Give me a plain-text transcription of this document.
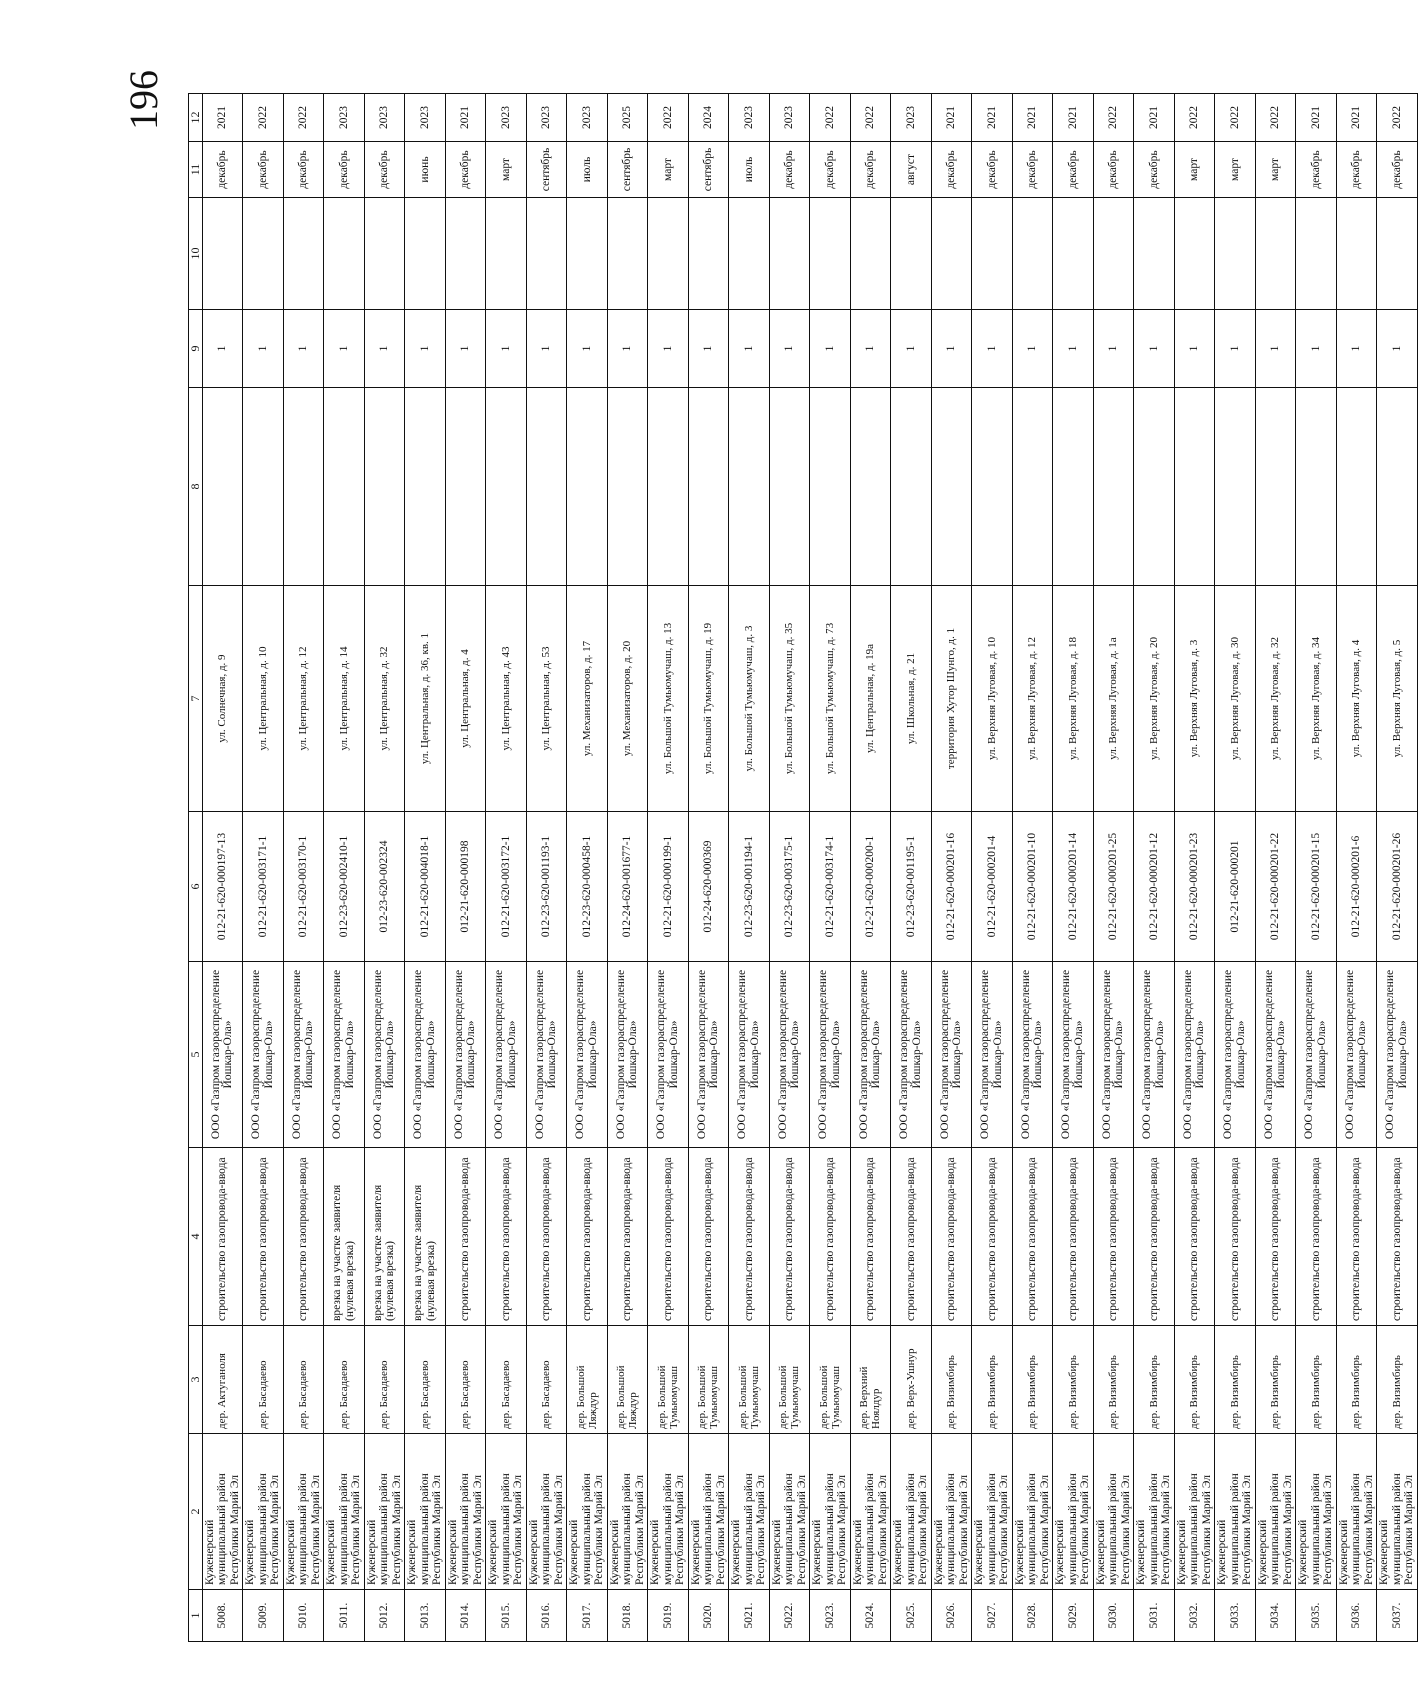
196
1	2	3	4	5	6	7	8	9	10	11	12
5008.	Куженерский муниципальный район Республики Марий Эл	дер. Актуганоля	строительство газопровода-ввода	ООО «Газпром газораспределение Йошкар-Ола»	012-21-620-000197-13	ул. Солнечная, д. 9		1		декабрь	2021
5009.	Куженерский муниципальный район Республики Марий Эл	дер. Басадаево	строительство газопровода-ввода	ООО «Газпром газораспределение Йошкар-Ола»	012-21-620-003171-1	ул. Центральная, д. 10		1		декабрь	2022
5010.	Куженерский муниципальный район Республики Марий Эл	дер. Басадаево	строительство газопровода-ввода	ООО «Газпром газораспределение Йошкар-Ола»	012-21-620-003170-1	ул. Центральная, д. 12		1		декабрь	2022
5011.	Куженерский муниципальный район Республики Марий Эл	дер. Басадаево	врезка на участке заявителя (нулевая врезка)	ООО «Газпром газораспределение Йошкар-Ола»	012-23-620-002410-1	ул. Центральная, д. 14		1		декабрь	2023
5012.	Куженерский муниципальный район Республики Марий Эл	дер. Басадаево	врезка на участке заявителя (нулевая врезка)	ООО «Газпром газораспределение Йошкар-Ола»	012-23-620-002324	ул. Центральная, д. 32		1		декабрь	2023
5013.	Куженерский муниципальный район Республики Марий Эл	дер. Басадаево	врезка на участке заявителя (нулевая врезка)	ООО «Газпром газораспределение Йошкар-Ола»	012-21-620-004018-1	ул. Центральная, д. 36, кв. 1		1		июнь	2023
5014.	Куженерский муниципальный район Республики Марий Эл	дер. Басадаево	строительство газопровода-ввода	ООО «Газпром газораспределение Йошкар-Ола»	012-21-620-000198	ул. Центральная, д. 4		1		декабрь	2021
5015.	Куженерский муниципальный район Республики Марий Эл	дер. Басадаево	строительство газопровода-ввода	ООО «Газпром газораспределение Йошкар-Ола»	012-21-620-003172-1	ул. Центральная, д. 43		1		март	2023
5016.	Куженерский муниципальный район Республики Марий Эл	дер. Басадаево	строительство газопровода-ввода	ООО «Газпром газораспределение Йошкар-Ола»	012-23-620-001193-1	ул. Центральная, д. 53		1		сентябрь	2023
5017.	Куженерский муниципальный район Республики Марий Эл	дер. Большой Ляждур	строительство газопровода-ввода	ООО «Газпром газораспределение Йошкар-Ола»	012-23-620-000458-1	ул. Механизаторов, д. 17		1		июль	2023
5018.	Куженерский муниципальный район Республики Марий Эл	дер. Большой Ляждур	строительство газопровода-ввода	ООО «Газпром газораспределение Йошкар-Ола»	012-24-620-001677-1	ул. Механизаторов, д. 20		1		сентябрь	2025
5019.	Куженерский муниципальный район Республики Марий Эл	дер. Большой Тумьюмучаш	строительство газопровода-ввода	ООО «Газпром газораспределение Йошкар-Ола»	012-21-620-000199-1	ул. Большой Тумьюмучаш, д. 13		1		март	2022
5020.	Куженерский муниципальный район Республики Марий Эл	дер. Большой Тумьюмучаш	строительство газопровода-ввода	ООО «Газпром газораспределение Йошкар-Ола»	012-24-620-000369	ул. Большой Тумьюмучаш, д. 19		1		сентябрь	2024
5021.	Куженерский муниципальный район Республики Марий Эл	дер. Большой Тумьюмучаш	строительство газопровода-ввода	ООО «Газпром газораспределение Йошкар-Ола»	012-23-620-001194-1	ул. Большой Тумьюмучаш, д. 3		1		июль	2023
5022.	Куженерский муниципальный район Республики Марий Эл	дер. Большой Тумьюмучаш	строительство газопровода-ввода	ООО «Газпром газораспределение Йошкар-Ола»	012-23-620-003175-1	ул. Большой Тумьюмучаш, д. 35		1		декабрь	2023
5023.	Куженерский муниципальный район Республики Марий Эл	дер. Большой Тумьюмучаш	строительство газопровода-ввода	ООО «Газпром газораспределение Йошкар-Ола»	012-21-620-003174-1	ул. Большой Тумьюмучаш, д. 73		1		декабрь	2022
5024.	Куженерский муниципальный район Республики Марий Эл	дер. Верхний Ноялдур	строительство газопровода-ввода	ООО «Газпром газораспределение Йошкар-Ола»	012-21-620-000200-1	ул. Центральная, д. 19а		1		декабрь	2022
5025.	Куженерский муниципальный район Республики Марий Эл	дер. Верх-Ушнур	строительство газопровода-ввода	ООО «Газпром газораспределение Йошкар-Ола»	012-23-620-001195-1	ул. Школьная, д. 21		1		август	2023
5026.	Куженерский муниципальный район Республики Марий Эл	дер. Визимбирь	строительство газопровода-ввода	ООО «Газпром газораспределение Йошкар-Ола»	012-21-620-000201-16	территория Хутор Шунго, д. 1		1		декабрь	2021
5027.	Куженерский муниципальный район Республики Марий Эл	дер. Визимбирь	строительство газопровода-ввода	ООО «Газпром газораспределение Йошкар-Ола»	012-21-620-000201-4	ул. Верхняя Луговая, д. 10		1		декабрь	2021
5028.	Куженерский муниципальный район Республики Марий Эл	дер. Визимбирь	строительство газопровода-ввода	ООО «Газпром газораспределение Йошкар-Ола»	012-21-620-000201-10	ул. Верхняя Луговая, д. 12		1		декабрь	2021
5029.	Куженерский муниципальный район Республики Марий Эл	дер. Визимбирь	строительство газопровода-ввода	ООО «Газпром газораспределение Йошкар-Ола»	012-21-620-000201-14	ул. Верхняя Луговая, д. 18		1		декабрь	2021
5030.	Куженерский муниципальный район Республики Марий Эл	дер. Визимбирь	строительство газопровода-ввода	ООО «Газпром газораспределение Йошкар-Ола»	012-21-620-000201-25	ул. Верхняя Луговая, д. 1а		1		декабрь	2022
5031.	Куженерский муниципальный район Республики Марий Эл	дер. Визимбирь	строительство газопровода-ввода	ООО «Газпром газораспределение Йошкар-Ола»	012-21-620-000201-12	ул. Верхняя Луговая, д. 20		1		декабрь	2021
5032.	Куженерский муниципальный район Республики Марий Эл	дер. Визимбирь	строительство газопровода-ввода	ООО «Газпром газораспределение Йошкар-Ола»	012-21-620-000201-23	ул. Верхняя Луговая, д. 3		1		март	2022
5033.	Куженерский муниципальный район Республики Марий Эл	дер. Визимбирь	строительство газопровода-ввода	ООО «Газпром газораспределение Йошкар-Ола»	012-21-620-000201	ул. Верхняя Луговая, д. 30		1		март	2022
5034.	Куженерский муниципальный район Республики Марий Эл	дер. Визимбирь	строительство газопровода-ввода	ООО «Газпром газораспределение Йошкар-Ола»	012-21-620-000201-22	ул. Верхняя Луговая, д. 32		1		март	2022
5035.	Куженерский муниципальный район Республики Марий Эл	дер. Визимбирь	строительство газопровода-ввода	ООО «Газпром газораспределение Йошкар-Ола»	012-21-620-000201-15	ул. Верхняя Луговая, д. 34		1		декабрь	2021
5036.	Куженерский муниципальный район Республики Марий Эл	дер. Визимбирь	строительство газопровода-ввода	ООО «Газпром газораспределение Йошкар-Ола»	012-21-620-000201-6	ул. Верхняя Луговая, д. 4		1		декабрь	2021
5037.	Куженерский муниципальный район Республики Марий Эл	дер. Визимбирь	строительство газопровода-ввода	ООО «Газпром газораспределение Йошкар-Ола»	012-21-620-000201-26	ул. Верхняя Луговая, д. 5		1		декабрь	2022
